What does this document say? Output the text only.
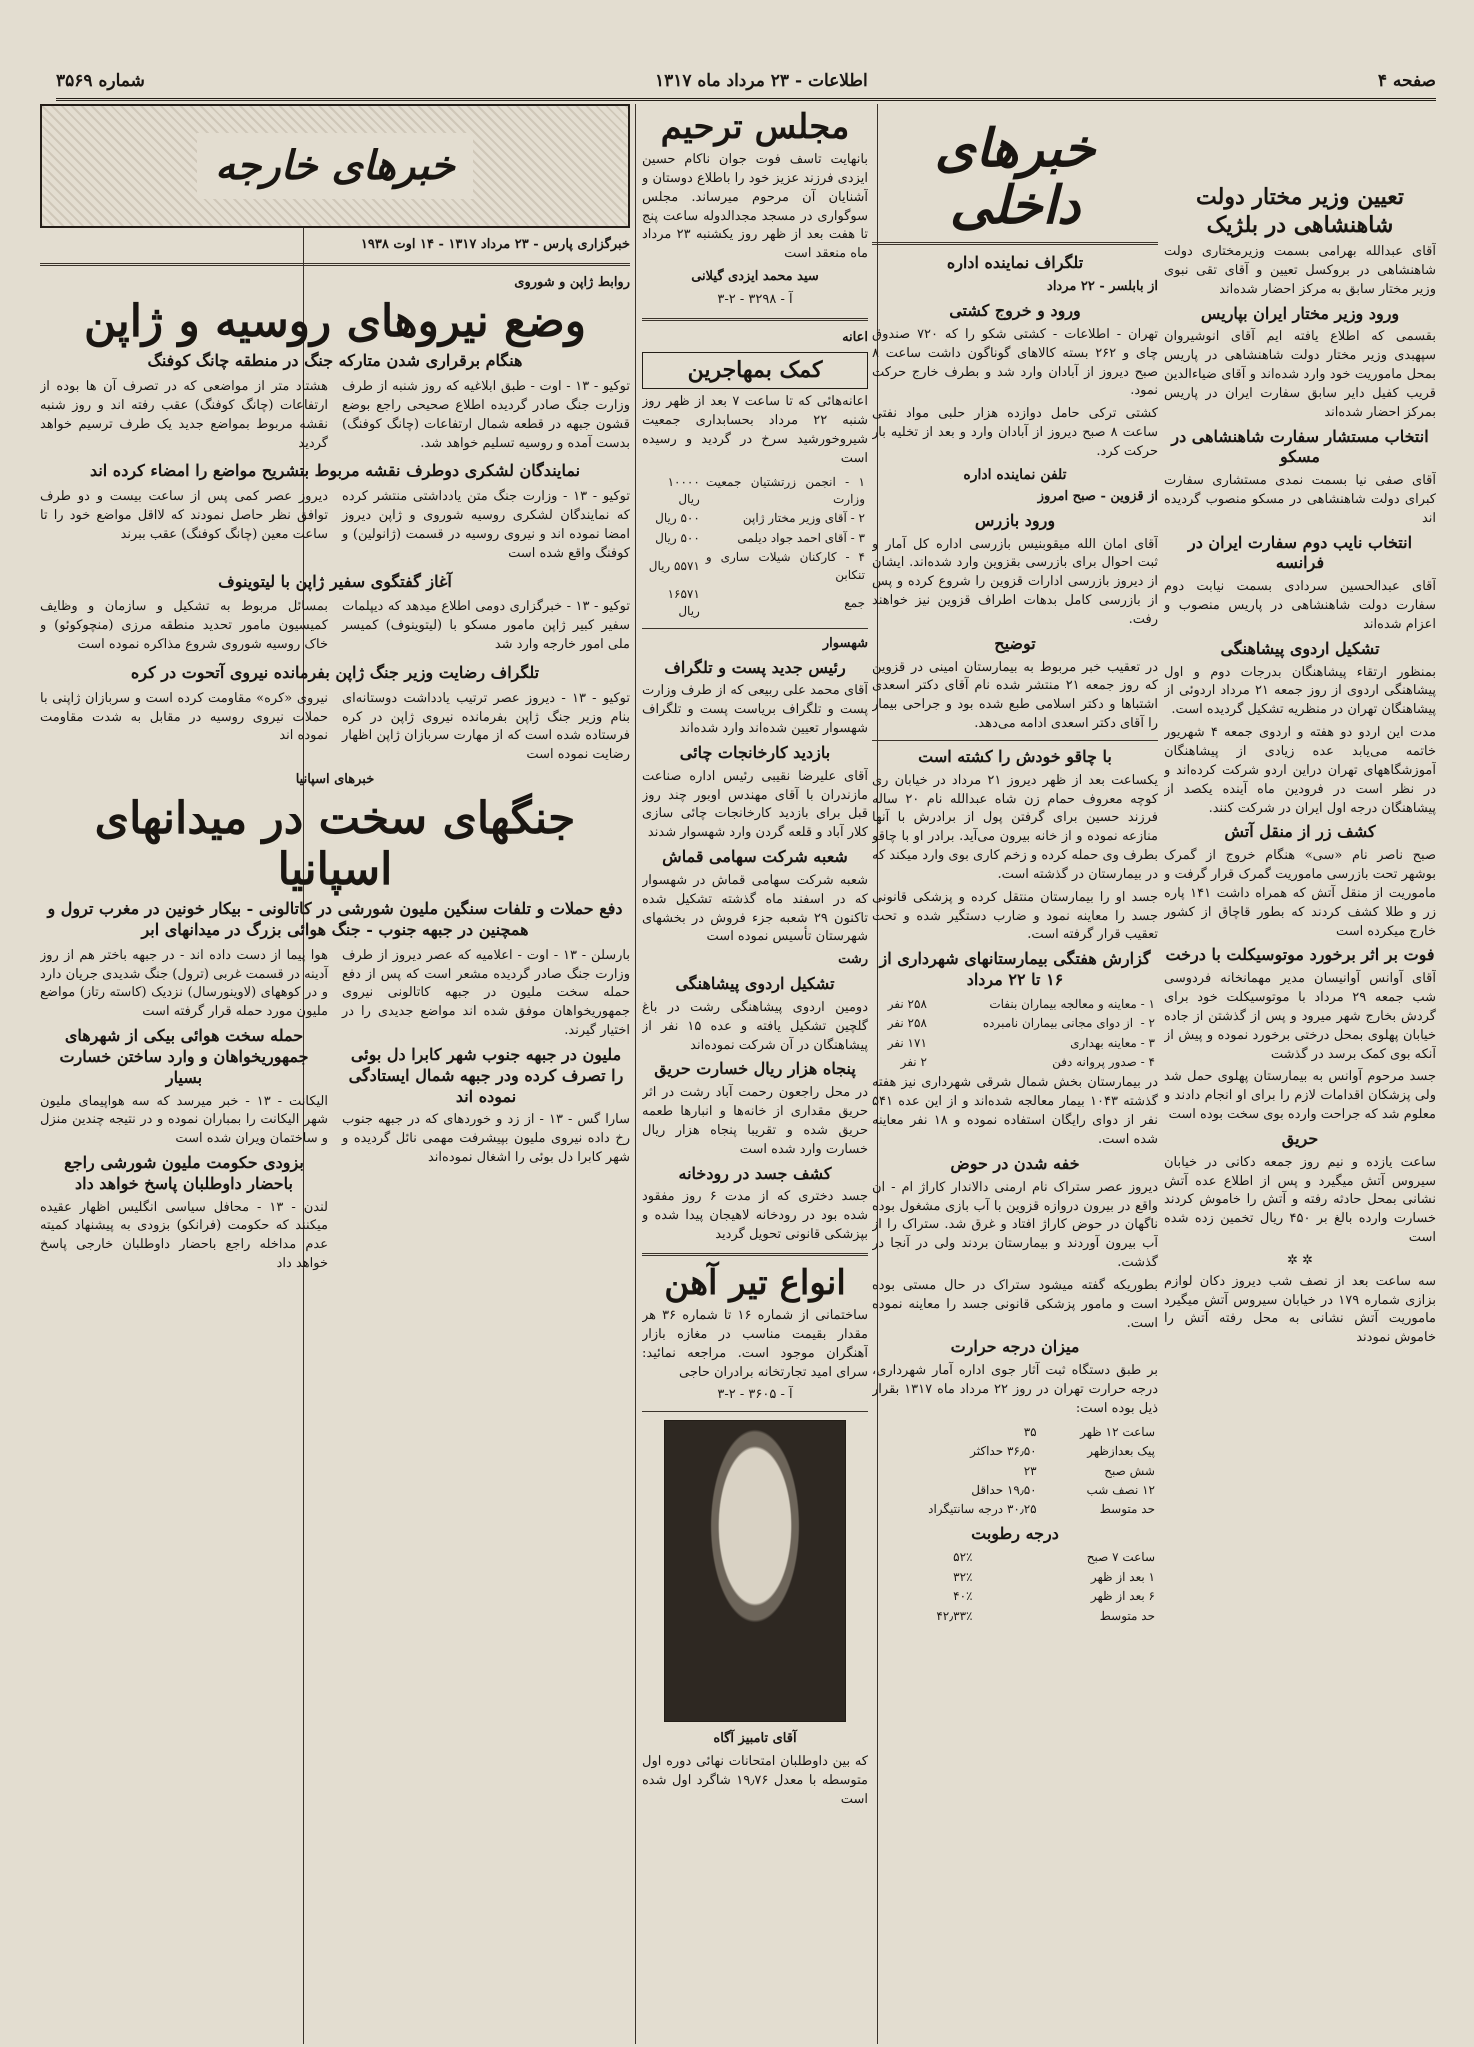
صفحه ۴
اطلاعات - ۲۳ مرداد ماه ۱۳۱۷
شماره ۳۵۶۹
تعیین وزیر مختار دولت شاهنشاهی در بلژیک

آقای عبدالله بهرامی بسمت وزیرمختاری دولت شاهنشاهی در بروکسل تعیین و آقای تقی نبوی وزیر مختار سابق به مرکز احضار شده‌اند

ورود وزیر مختار ایران بپاریس

بقسمی که اطلاع یافته ایم آقای انوشیروان سپهبدی وزیر مختار دولت شاهنشاهی در پاریس بمحل ماموریت خود وارد شده‌اند و آقای ضیاءالدین قریب کفیل دایر سابق سفارت ایران در پاریس بمرکز احضار شده‌اند

انتخاب مستشار سفارت شاهنشاهی در مسکو

آقای صفی نیا بسمت نمدی مستشاری سفارت کبرای دولت شاهنشاهی در مسکو منصوب گردیده اند

انتخاب نایب دوم سفارت ایران در فرانسه

آقای عبدالحسین سردادی بسمت نیابت دوم سفارت دولت شاهنشاهی در پاریس منصوب و اعزام شده‌اند

تشکیل اردوی پیشاهنگی

بمنظور ارتقاء پیشاهنگان بدرجات دوم و اول پیشاهنگی اردوی از روز جمعه ۲۱ مرداد اردوئی از پیشاهنگان تهران در منظریه تشکیل گردیده است.

مدت این اردو دو هفته و اردوی جمعه ۴ شهریور خاتمه می‌یابد عده زیادی از پیشاهنگان آموزشگاههای تهران دراین اردو شرکت کرده‌اند و در نظر است در فرودین ماه آینده یکصد از پیشاهنگان درجه اول ایران در شرکت کنند.

کشف زر از منقل آتش

صبح ناصر نام «سی» هنگام خروج از گمرک بوشهر تحت بازرسی ماموریت گمرک قرار گرفت و ماموریت از منقل آتش که همراه داشت ۱۴۱ پاره زر و طلا کشف کردند که بطور قاچاق از کشور خارج میکرده است

فوت بر اثر برخورد موتوسیکلت با درخت

آقای آوانس آوانیسان مدیر مهمانخانه فردوسی شب جمعه ۲۹ مرداد با موتوسیکلت خود برای گردش بخارج شهر میرود و پس از گذشتن از جاده خیابان پهلوی بمحل درختی برخورد نموده و پیش از آنکه بوی کمک برسد در گذشت

جسد مرحوم آوانس به بیمارستان پهلوی حمل شد ولی پزشکان اقدامات لازم را برای او انجام دادند و معلوم شد که جراحت وارده بوی سخت بوده است

حریق

ساعت یازده و نیم روز جمعه دکانی در خیابان سیروس آتش میگیرد و پس از اطلاع عده آتش نشانی بمحل حادثه رفته و آتش را خاموش کردند خسارت وارده بالغ بر ۴۵۰ ریال تخمین زده شده است

✲ ✲

سه ساعت بعد از نصف شب دیروز دکان لوازم بزازی شماره ۱۷۹ در خیابان سیروس آتش میگیرد ماموریت آتش نشانی به محل رفته آتش را خاموش نمودند

خبرهای داخلی
تلگراف نماینده اداره

از بابلسر - ۲۲ مرداد

ورود و خروج کشتی

تهران - اطلاعات - کشتی شکو را که ۷۲۰ صندوق چای و ۲۶۲ بسته کالاهای گوناگون داشت ساعت ۸ صبح دیروز از آبادان وارد شد و بطرف خارج حرکت نمود.

کشتی ترکی حامل دوازده هزار حلبی مواد نفتی ساعت ۸ صبح دیروز از آبادان وارد و بعد از تخلیه بار حرکت کرد.

تلفن نماینده اداره

از قزوین - صبح امروز

ورود بازرس

آقای امان الله میقوبنیس بازرسی اداره کل آمار و ثبت احوال برای بازرسی بقزوین وارد شده‌اند. ایشان از دیروز بازرسی ادارات قزوین را شروع کرده و پس از بازرسی کامل بدهات اطراف قزوین نیز خواهند رفت.

توضیح

در تعقیب خبر مربوط به بیمارستان امینی در قزوین که روز جمعه ۲۱ منتشر شده نام آقای دکتر اسعدی اشتباها و دکتر اسلامی طبع شده بود و جراحی بیمار را آقای دکتر اسعدی ادامه می‌دهد.

با چاقو خودش را کشته است

یکساعت بعد از ظهر دیروز ۲۱ مرداد در خیابان ری کوچه معروف حمام زن شاه عبدالله نام ۲۰ ساله فرزند حسین برای گرفتن پول از برادرش با آنها منازعه نموده و از خانه بیرون می‌آید. برادر او با چاقو بطرف وی حمله کرده و زخم کاری بوی وارد میکند که در بیمارستان در گذشته است.

جسد او را بیمارستان منتقل کرده و پزشکی قانونی جسد را معاینه نمود و ضارب دستگیر شده و تحت تعقیب قرار گرفته است.

گزارش هفتگی بیمارستانهای شهرداری از ۱۶ تا ۲۲ مرداد
۱ - معاینه و معالجه بیماران بنفات	۲۵۸ نفر
۲ - ‌ از دوای مجانی بیماران نامبرده	۲۵۸ نفر
۳ - معاینه بهداری	۱۷۱ نفر
۴ - صدور پروانه دفن	۲ نفر

در بیمارستان بخش شمال شرقی شهرداری نیز هفته گذشته ۱۰۴۳ بیمار معالجه شده‌اند و از این عده ۵۴۱ نفر از دوای رایگان استفاده نموده و ۱۸ نفر معاینه شده است.

خفه شدن در حوض

دیروز عصر ستراک نام ارمنی دالاندار کاراژ ام - ان واقع در بیرون دروازه قزوین با آب بازی مشغول بوده ناگهان در حوض کاراژ افتاد و غرق شد. ستراک را از آب بیرون آوردند و بیمارستان بردند ولی در آنجا در گذشت.

بطوریکه گفته میشود ستراک در حال مستی بوده است و مامور پزشکی قانونی جسد را معاینه نموده است.

میزان درجه حرارت

بر طبق دستگاه ثبت آثار جوی اداره آمار شهرداری، درجه حرارت تهران در روز ۲۲ مرداد ماه ۱۳۱۷ بقرار ذیل بوده است:

ساعت ۱۲ ظهر	۳۵
پیک بعدازظهر	۳۶٫۵۰ حداکثر
شش صبح	۲۳
۱۲ نصف شب	۱۹٫۵۰ حداقل
حد متوسط	۳۰٫۲۵ درجه سانتیگراد
درجه رطوبت
ساعت ۷ صبح	۵۲٪
۱ بعد از ظهر	۳۲٪
۶ بعد از ظهر	۴۰٪
حد متوسط	۴۲٫۳۳٪
مجلس ترحیم

بانهایت تاسف فوت جوان ناکام حسین ایزدی فرزند عزیز خود را باطلاع دوستان و آشنایان آن مرحوم میرساند. مجلس سوگواری در مسجد مجدالدوله ساعت پنج تا هفت بعد از ظهر روز یکشنبه ۲۳ مرداد ماه منعقد است

سید محمد ایزدی گیلانی

آ - ۳۲۹۸ - ۲-۳

اعانه

کمک بمهاجرین

اعانه‌هائی که تا ساعت ۷ بعد از ظهر روز شنبه ۲۲ مرداد بحسابداری جمعیت شیروخورشید سرخ در گردید و رسیده است

۱ - انجمن زرتشتیان جمعیت وزارت	۱۰۰۰۰ ریال
۲ - آقای وزیر مختار ژاپن	۵۰۰ ریال
۳ - آقای احمد جواد دیلمی	۵۰۰ ریال
۴ - کارکنان شیلات ساری و تنکابن	۵۵۷۱ ریال
جمع	۱۶۵۷۱ ریال

شهسوار

رئیس جدید پست و تلگراف

آقای محمد علی ربیعی که از طرف وزارت پست و تلگراف بریاست پست و تلگراف شهسوار تعیین شده‌اند وارد شده‌اند

بازدید کارخانجات چائی

آقای علیرضا نقیبی رئیس اداره صناعت مازندران با آقای مهندس اوبور چند روز قبل برای بازدید کارخانجات چائی سازی کلار آباد و قلعه گردن وارد شهسوار شدند

شعبه شرکت سهامی قماش

شعبه شرکت سهامی قماش در شهسوار که در اسفند ماه گذشته تشکیل شده تاکنون ۲۹ شعبه جزء فروش در بخشهای شهرستان تأسیس نموده است

رشت

تشکیل اردوی پیشاهنگی

دومین اردوی پیشاهنگی رشت در باغ گلچین تشکیل یافته و عده ۱۵ نفر از پیشاهنگان در آن شرکت نموده‌اند

پنجاه هزار ریال خسارت حریق

در محل راجعون رحمت آباد رشت در اثر حریق مقداری از خانه‌ها و انبارها طعمه حریق شده و تقریبا پنجاه هزار ریال خسارت وارد شده است

کشف جسد در رودخانه

جسد دختری که از مدت ۶ روز مفقود شده بود در رودخانه لاهیجان پیدا شده و بپزشکی قانونی تحویل گردید

انواع تیر آهن

ساختمانی از شماره ۱۶ تا شماره ۳۶ هر مقدار بقیمت مناسب در مغازه بازار آهنگران موجود است. مراجعه نمائید: سرای امید تجارتخانه برادران حاجی

آ - ۳۶۰۵ - ۲-۳

آقای تامبیز آگاه

که بین داوطلبان امتحانات نهائی دوره اول متوسطه با معدل ۱۹٫۷۶ شاگرد اول شده است

خبرهای خارجه

خبرگزاری پارس - ۲۳ مرداد ۱۳۱۷ - ۱۴ اوت ۱۹۳۸

روابط ژاپن و شوروی

وضع نیروهای روسیه و ژاپن
هنگام برقراری شدن متارکه جنگ در منطقه چانگ کوفنگ

توکیو - ۱۳ - اوت - طبق ابلاغیه که روز شنبه از طرف وزارت جنگ صادر گردیده اطلاع صحیحی راجع بوضع قشون جبهه در قطعه شمال ارتفاعات (چانگ کوفنگ) بدست آمده و روسیه تسلیم خواهد شد.

هشتاد متر از مواضعی که در تصرف آن ها بوده از ارتفاعات (چانگ کوفنگ) عقب رفته اند و روز شنبه نقشه مربوط بمواضع جدید یک طرف ترسیم خواهد گردید

نمایندگان لشکری دوطرف نقشه مربوط بتشریح مواضع را امضاء کرده اند

توکیو - ۱۳ - وزارت جنگ متن یادداشتی منتشر کرده که نمایندگان لشکری روسیه شوروی و ژاپن دیروز امضا نموده اند و نیروی روسیه در قسمت (ژانولین) و کوفنگ واقع شده است

دیروز عصر کمی پس از ساعت بیست و دو طرف توافق نظر حاصل نمودند که لااقل مواضع خود را تا ساعت معین (چانگ کوفنگ) عقب ببرند

آغاز گفتگوی سفیر ژاپن با لیتوینوف

توکیو - ۱۳ - خبرگزاری دومی اطلاع میدهد که دیپلمات سفیر کبیر ژاپن مامور مسکو با (لیتوینوف) کمیسر ملی امور خارجه وارد شد

بمسائل مربوط به تشکیل و سازمان و وظایف کمیسیون مامور تحدید منطقه مرزی (منچوکوئو) و خاک روسیه شوروی شروع مذاکره نموده است

تلگراف رضایت وزیر جنگ ژاپن بفرمانده نیروی آتحوت در کره

توکیو - ۱۳ - دیروز عصر ترتیب یادداشت دوستانه‌ای بنام وزیر جنگ ژاپن بفرمانده نیروی ژاپن در کره فرستاده شده است که از مهارت سربازان ژاپن اظهار رضایت نموده است

نیروی «کره» مقاومت کرده است و سربازان ژاپنی با حملات نیروی روسیه در مقابل به شدت مقاومت نموده اند

خبرهای اسپانیا

جنگهای سخت در میدانهای اسپانیا
دفع حملات و تلفات سنگین ملیون شورشی در کاتالونی - بیکار خونین در مغرب ترول و همچنین در جبهه جنوب - جنگ هوائی بزرگ در میدانهای ابر

بارسلن - ۱۳ - اوت - اعلامیه که عصر دیروز از طرف وزارت جنگ صادر گردیده مشعر است که پس از دفع حمله سخت ملیون در جبهه کاتالونی نیروی جمهوریخواهان موفق شده اند مواضع جدیدی را در اختیار گیرند.

ملیون در جبهه جنوب شهر کابرا دل بوئی را تصرف کرده ودر جبهه شمال ایستادگی نموده اند

سارا گس - ۱۳ - از زد و خوردهای که در جبهه جنوب رخ داده نیروی ملیون بپیشرفت مهمی نائل گردیده و شهر کابرا دل بوئی را اشغال نموده‌اند

هوا پیما از دست داده اند - در جبهه باختر هم از روز آدینه در قسمت غربی (ترول) جنگ شدیدی جریان دارد و در کوههای (لاوینورسال) نزدیک (کاسته رتاز) مواضع ملیون مورد حمله قرار گرفته است

حمله سخت هوائی بیکی از شهرهای جمهوریخواهان و وارد ساختن خسارت بسیار

الیکانت - ۱۳ - خبر میرسد که سه هواپیمای ملیون شهر الیکانت را بمباران نموده و در نتیجه چندین منزل و ساختمان ویران شده است

بزودی حکومت ملیون شورشی راجع باحضار داوطلبان پاسخ خواهد داد

لندن - ۱۳ - محافل سیاسی انگلیس اظهار عقیده میکنند که حکومت (فرانکو) بزودی به پیشنهاد کمیته عدم مداخله راجع باحضار داوطلبان خارجی پاسخ خواهد داد
